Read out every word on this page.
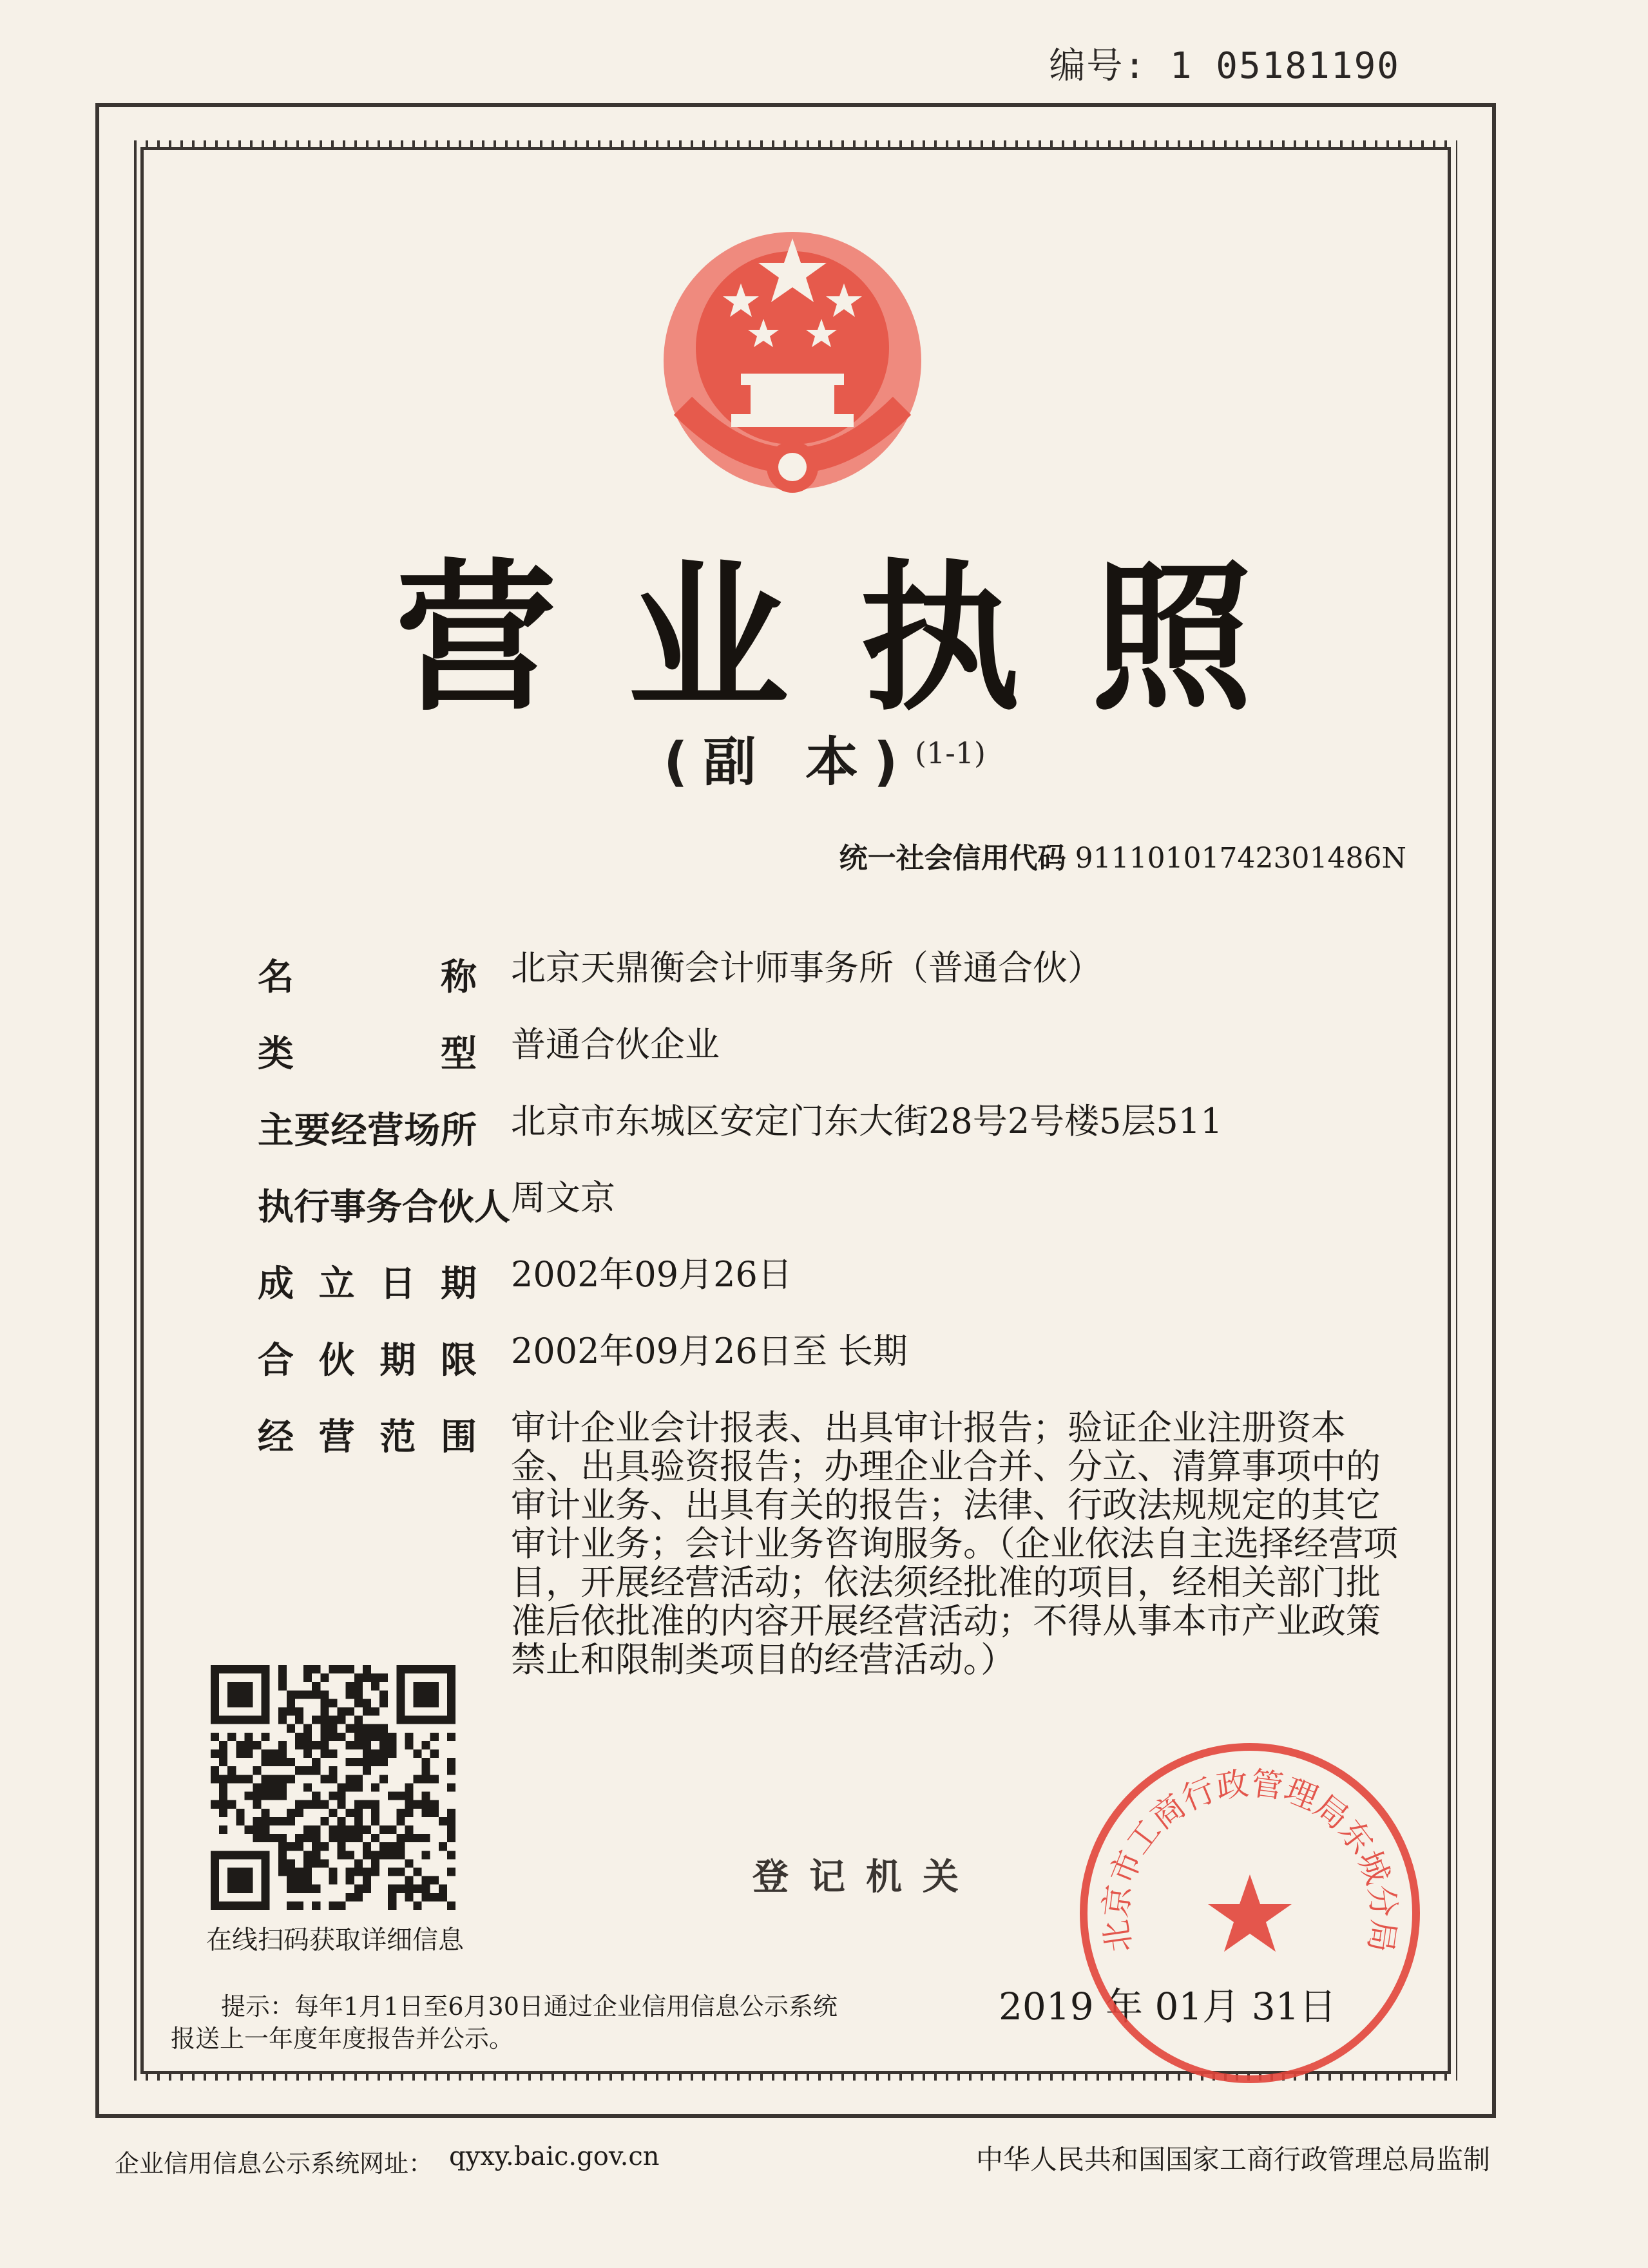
编号: 1 05181190
营业执照
(副 本) (1-1)
统一社会信用代码 91110101742301486N
名 称 北京天鼎衡会计师事务所（普通合伙）
类 型 普通合伙企业
主要经营场所 北京市东城区安定门东大街28号2号楼5层511
执行事务合伙人 周文京
成 立 日 期 2002年09月26日
合 伙 期 限 2002年09月26日至 长期
经 营 范 围 审计企业会计报表、出具审计报告；验证企业注册资本金、出具验资报告；办理企业合并、分立、清算事项中的审计业务、出具有关的报告；法律、行政法规规定的其它审计业务；会计业务咨询服务。（企业依法自主选择经营项目，开展经营活动；依法须经批准的项目，经相关部门批准后依批准的内容开展经营活动；不得从事本市产业政策禁止和限制类项目的经营活动。）
在线扫码获取详细信息
登记机关
2019 年 01月 31日
北京市工商行政管理局东城分局
提示：每年1月1日至6月30日通过企业信用信息公示系统
报送上一年度年度报告并公示。
企业信用信息公示系统网址： qyxy.baic.gov.cn	中华人民共和国国家工商行政管理总局监制
